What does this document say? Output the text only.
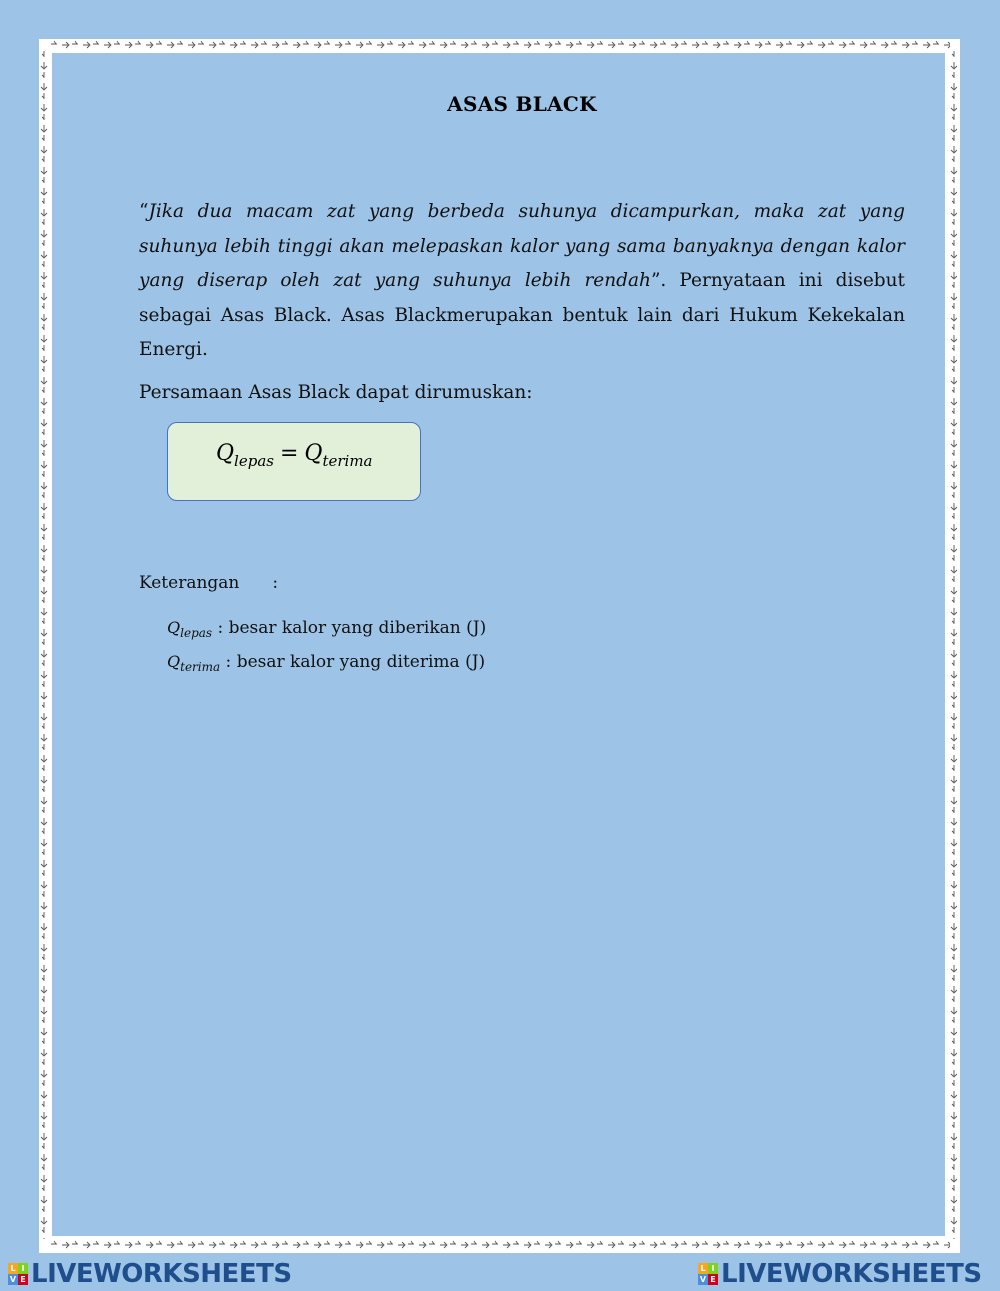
ASAS BLACK
“Jika dua macam zat yang berbeda suhunya dicampurkan, maka zat yang suhunya lebih tinggi akan melepaskan kalor yang sama banyaknya dengan kalor yang diserap oleh zat yang suhunya lebih rendah”. Pernyataan ini disebut sebagai Asas Black. Asas Blackmerupakan bentuk lain dari Hukum Kekekalan Energi.
Persamaan Asas Black dapat dirumuskan:
$Q_{lepas} = Q_{terima}$
Keterangan :
$Q_{lepas}$ : besar kalor yang diberikan (J)
$Q_{terima}$ : besar kalor yang diterima (J)
L I
V E LIVEWORKSHEETS	L I
V E LIVEWORKSHEETS
